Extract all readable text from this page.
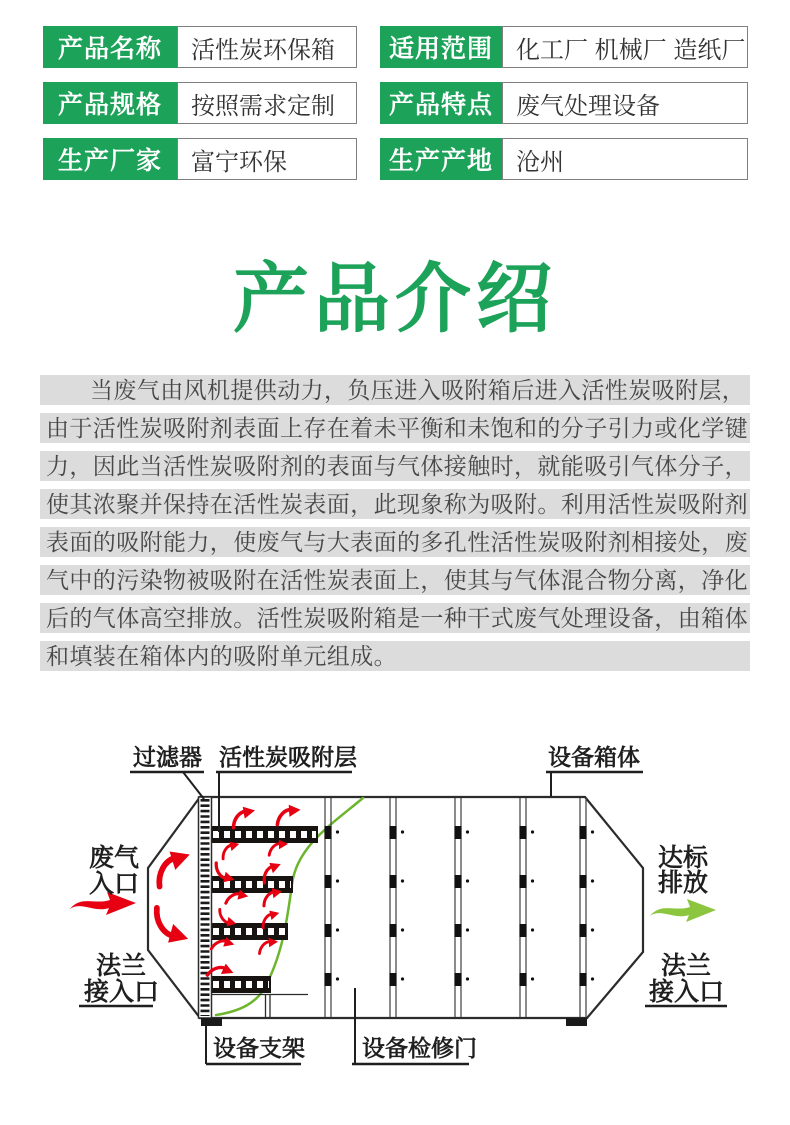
产品名称	活性炭环保箱	适用范围 化工厂 机械厂 造纸厂
产品规格	按照需求定制	产品特点 废气处理设备
生产厂家	富宁环保	生产产地 沧州
产品介绍
当废气由风机提供动力，负压进入吸附箱后进入活性炭吸附层，
由于活性炭吸附剂表面上存在着未平衡和未饱和的分子引力或化学键
力，因此当活性炭吸附剂的表面与气体接触时，就能吸引气体分子，
使其浓聚并保持在活性炭表面，此现象称为吸附。利用活性炭吸附剂
表面的吸附能力，使废气与大表面的多孔性活性炭吸附剂相接处，废
气中的污染物被吸附在活性炭表面上，使其与气体混合物分离，净化
后的气体高空排放。活性炭吸附箱是一种干式废气处理设备，由箱体
和填装在箱体内的吸附单元组成。
过滤器 活性炭吸附层	设备箱体
废气
入口
法兰
接入口
达标
排放
法兰
接入口
设备支架 设备检修门
